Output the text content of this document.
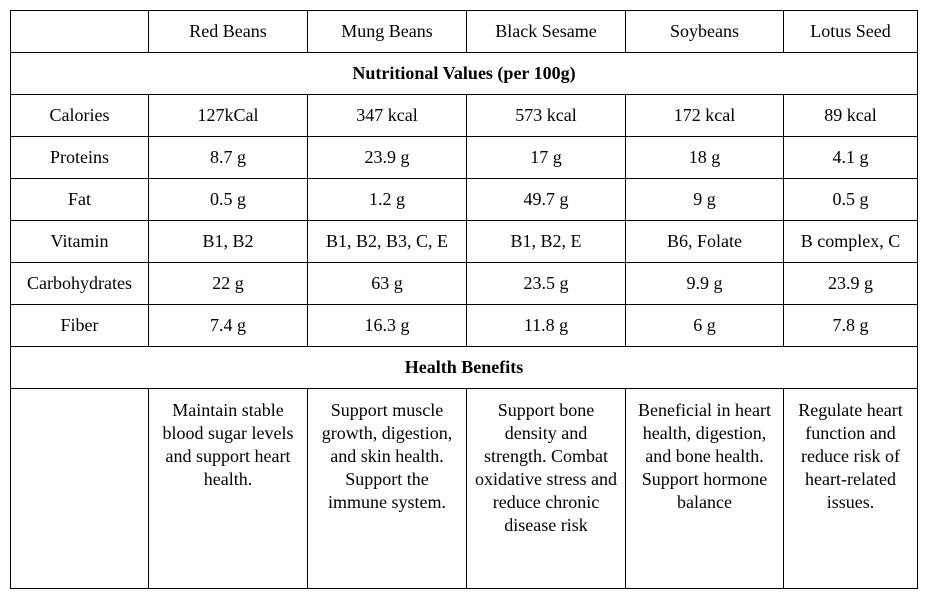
	Red Beans	Mung Beans	Black Sesame	Soybeans	Lotus Seed
Nutritional Values (per 100g)					
Calories	127kCal	347 kcal	573 kcal	172 kcal	89 kcal
Proteins	8.7 g	23.9 g	17 g	18 g	4.1 g
Fat	0.5 g	1.2 g	49.7 g	9 g	0.5 g
Vitamin	B1, B2	B1, B2, B3, C, E	B1, B2, E	B6, Folate	B complex, C
Carbohydrates	22 g	63 g	23.5 g	9.9 g	23.9 g
Fiber	7.4 g	16.3 g	11.8 g	6 g	7.8 g
Health Benefits					
	Maintain stable blood sugar levels and support heart health.	Support muscle growth, digestion, and skin health. Support the immune system.	Support bone density and strength. Combat oxidative stress and reduce chronic disease risk	Beneficial in heart health, digestion, and bone health. Support hormone balance	Regulate heart function and reduce risk of heart-related issues.
